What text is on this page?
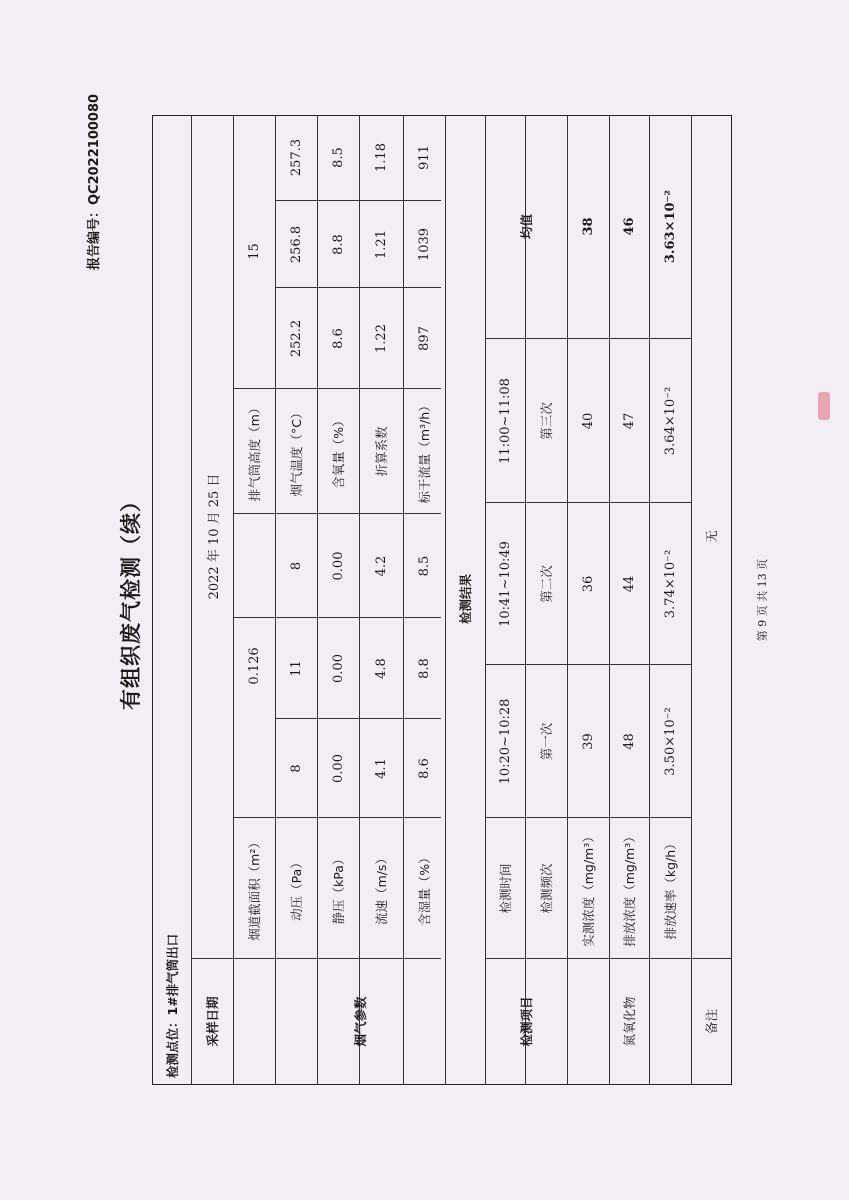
报告编号：QC2022100080
有组织废气检测（续）
检测点位：1#排气筒出口	采样日期
2022 年 10 月 25 日
烟道截面积（m²）
0.126
排气筒高度（m）
15
烟气参数
动压（Pa）
8
11
8
静压（kPa）
0.00
0.00
0.00
流速（m/s）
4.1
4.8
4.2
含湿量（%）
8.6
8.8
8.5
烟气温度（°C）
252.2
256.8
257.3
含氧量（%）
8.6
8.8
8.5
折算系数
1.22
1.21
1.18
标干流量（m³/h）
897
1039
911
检测结果
检测项目	氮氧化物
检测时间
10:20~10:28
10:41~10:49
11:00~11:08
均值
检测频次
第一次
第二次
第三次
实测浓度（mg/m³）
39
36
40
38
排放浓度（mg/m³）
48
44
47
46
排放速率（kg/h）
3.50×10⁻²
3.74×10⁻²
3.64×10⁻²
3.63×10⁻²
备注
无
第 9 页 共 13 页
